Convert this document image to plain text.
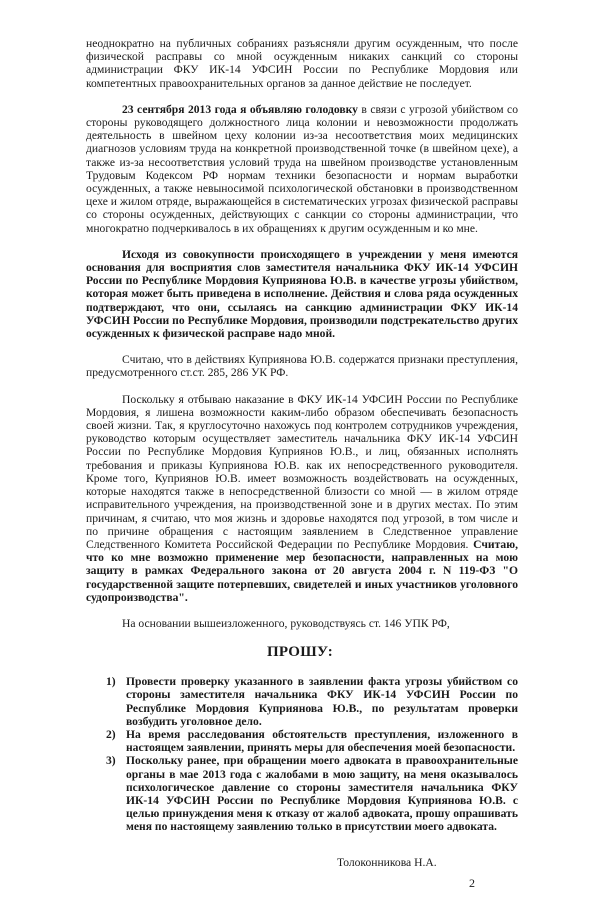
неоднократно на публичных собраниях разъясняли другим осужденным, что после физической расправы со мной осужденным никаких санкций со стороны администрации ФКУ ИК-14 УФСИН России по Республике Мордовия или компетентных правоохранительных органов за данное действие не последует.

23 сентября 2013 года я объявляю голодовку в связи с угрозой убийством со стороны руководящего должностного лица колонии и невозможности продолжать деятельность в швейном цеху колонии из-за несоответствия моих медицинских диагнозов условиям труда на конкретной производственной точке (в швейном цехе), а также из-за несоответствия условий труда на швейном производстве установленным Трудовым Кодексом РФ нормам техники безопасности и нормам выработки осужденных, а также невыносимой психологической обстановки в производственном цехе и жилом отряде, выражающейся в систематических угрозах физической расправы со стороны осужденных, действующих с санкции со стороны администрации, что многократно подчеркивалось в их обращениях к другим осужденным и ко мне.

Исходя из совокупности происходящего в учреждении у меня имеются основания для восприятия слов заместителя начальника ФКУ ИК-14 УФСИН России по Республике Мордовия Куприянова Ю.В. в качестве угрозы убийством, которая может быть приведена в исполнение. Действия и слова ряда осужденных подтверждают, что они, ссылаясь на санкцию администрации ФКУ ИК-14 УФСИН России по Республике Мордовия, производили подстрекательство других осужденных к физической расправе надо мной.

Считаю, что в действиях Куприянова Ю.В. содержатся признаки преступления, предусмотренного ст.ст. 285, 286 УК РФ.

Поскольку я отбываю наказание в ФКУ ИК-14 УФСИН России по Республике Мордовия, я лишена возможности каким-либо образом обеспечивать безопасность своей жизни. Так, я круглосуточно нахожусь под контролем сотрудников учреждения, руководство которым осуществляет заместитель начальника ФКУ ИК-14 УФСИН России по Республике Мордовия Куприянов Ю.В., и лиц, обязанных исполнять требования и приказы Куприянова Ю.В. как их непосредственного руководителя. Кроме того, Куприянов Ю.В. имеет возможность воздействовать на осужденных, которые находятся также в непосредственной близости со мной — в жилом отряде исправительного учреждения, на производственной зоне и в других местах. По этим причинам, я считаю, что моя жизнь и здоровье находятся под угрозой, в том числе и по причине обращения с настоящим заявлением в Следственное управление Следственного Комитета Российской Федерации по Республике Мордовия. Считаю, что ко мне возможно применение мер безопасности, направленных на мою защиту в рамках Федерального закона от 20 августа 2004 г. N 119-ФЗ "О государственной защите потерпевших, свидетелей и иных участников уголовного судопроизводства".

На основании вышеизложенного, руководствуясь ст. 146 УПК РФ,

ПРОШУ:
1) Провести проверку указанного в заявлении факта угрозы убийством со стороны заместителя начальника ФКУ ИК-14 УФСИН России по Республике Мордовия Куприянова Ю.В., по результатам проверки возбудить уголовное дело.
2) На время расследования обстоятельств преступления, изложенного в настоящем заявлении, принять меры для обеспечения моей безопасности.
3) Поскольку ранее, при обращении моего адвоката в правоохранительные органы в мае 2013 года с жалобами в мою защиту, на меня оказывалось психологическое давление со стороны заместителя начальника ФКУ ИК-14 УФСИН России по Республике Мордовия Куприянова Ю.В. с целью принуждения меня к отказу от жалоб адвоката, прошу опрашивать меня по настоящему заявлению только в присутствии моего адвоката.
Толоконникова Н.А.
2
